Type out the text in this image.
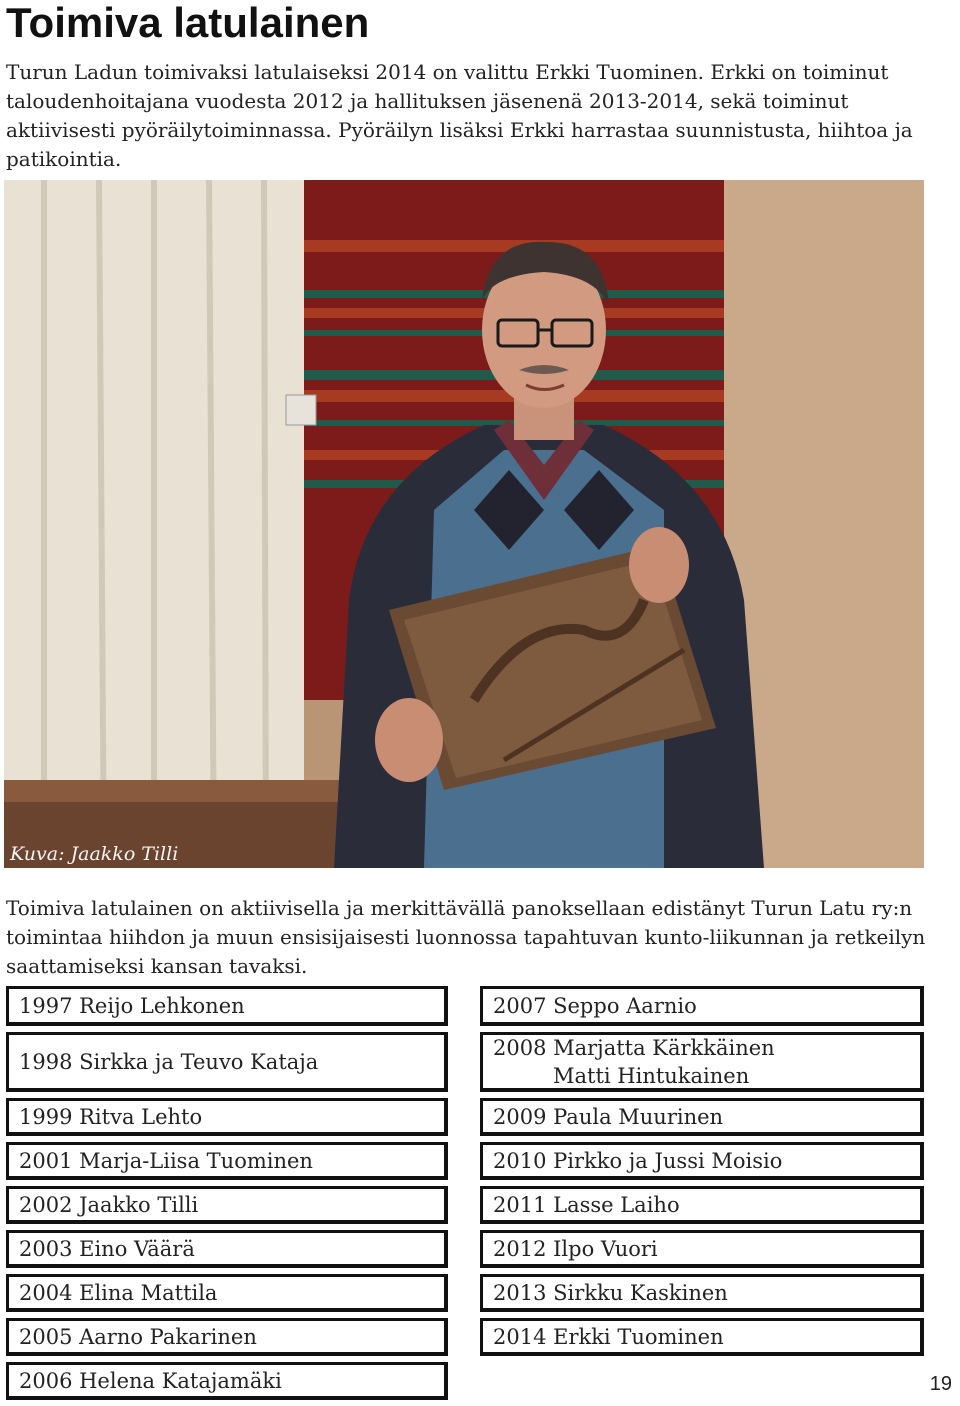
Toimiva latulainen

Turun Ladun toimivaksi latulaiseksi 2014 on valittu Erkki Tuominen. Erkki on toiminut taloudenhoitajana vuodesta 2012 ja hallituksen jäsenenä 2013-2014, sekä toiminut aktiivisesti pyöräilytoiminnassa. Pyöräilyn lisäksi Erkki harrastaa suunnistusta, hiihtoa ja patikointia.

Kuva: Jaakko Tilli

Toimiva latulainen on aktiivisella ja merkittävällä panoksellaan edistänyt Turun Latu ry:n toimintaa hiihdon ja muun ensisijaisesti luonnossa tapahtuvan kunto-liikunnan ja retkeilyn saattamiseksi kansan tavaksi.

1997 Reijo Lehkonen
1998 Sirkka ja Teuvo Kataja
1999 Ritva Lehto
2001 Marja-Liisa Tuominen
2002 Jaakko Tilli
2003 Eino Väärä
2004 Elina Mattila
2005 Aarno Pakarinen
2006 Helena Katajamäki
2007 Seppo Aarnio
2008 Marjatta Kärkkäinen
Matti Hintukainen
2009 Paula Muurinen
2010 Pirkko ja Jussi Moisio
2011 Lasse Laiho
2012 Ilpo Vuori
2013 Sirkku Kaskinen
2014 Erkki Tuominen
19
